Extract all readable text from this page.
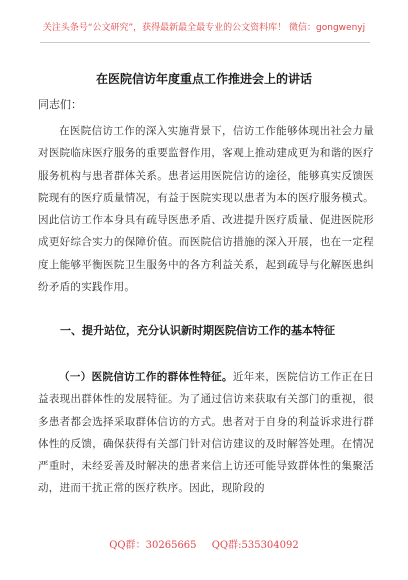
关注头条号“公文研究”，获得最新最全最专业的公文资料库！ 微信：gongwenyj
在医院信访年度重点工作推进会上的讲话
同志们：
在医院信访工作的深入实施背景下，信访工作能够体现出社会力量对医院临床医疗服务的重要监督作用，客观上推动建成更为和谐的医疗服务机构与患者群体关系。患者运用医院信访的途径，能够真实反馈医院现有的医疗质量情况，有益于医院实现以患者为本的医疗服务模式。因此信访工作本身具有疏导医患矛盾、改进提升医疗质量、促进医院形成更好综合实力的保障价值。而医院信访措施的深入开展，也在一定程度上能够平衡医院卫生服务中的各方利益关系，起到疏导与化解医患纠纷矛盾的实践作用。
一、提升站位，充分认识新时期医院信访工作的基本特征
（一）医院信访工作的群体性特征。近年来，医院信访工作正在日益表现出群体性的发展特征。为了通过信访来获取有关部门的重视，很多患者都会选择采取群体信访的方式。患者对于自身的利益诉求进行群体性的反馈，确保获得有关部门针对信访建议的及时解答处理。在情况严重时，未经妥善及时解决的患者来信上访还可能导致群体性的集聚活动，进而干扰正常的医疗秩序。因此，现阶段的
QQ群：30265665 QQ群:535304092
